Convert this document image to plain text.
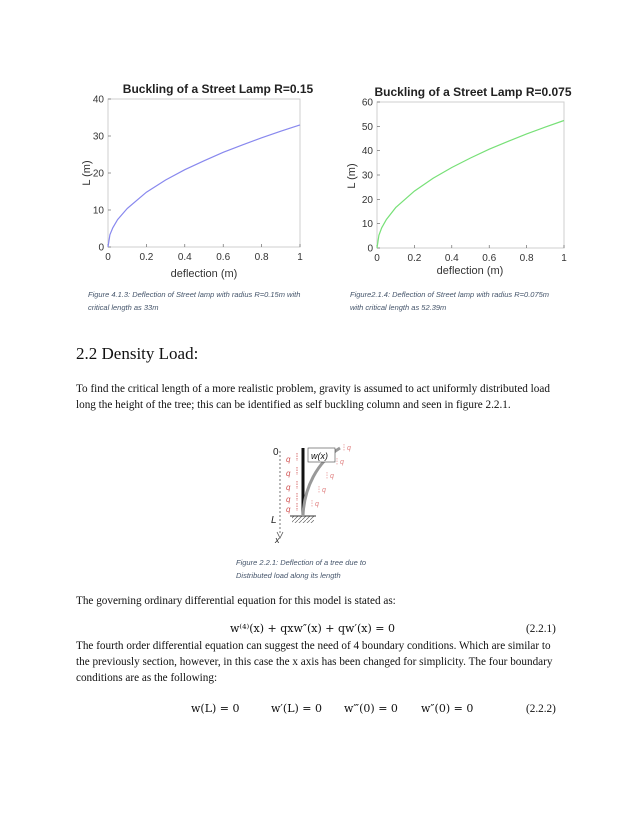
Buckling of a Street Lamp R=0.15
0
10
20
30
40
0	0.2 0.4 0.6 0.8	1
deflection (m)
L (m)
Buckling of a Street Lamp R=0.075
0
10
20
30
40
50
60
0	0.2 0.4 0.6 0.8	1
deflection (m)
L (m)
Figure 4.1.3: Deflection of Street lamp with radius R=0.15m with
critical length as 33m
Figure2.1.4: Deflection of Street lamp with radius R=0.075m
with critical length as 52.39m
2.2 Density Load:
To find the critical length of a more realistic problem, gravity is assumed to act uniformly distributed load
long the height of the tree; this can be identified as self buckling column and seen in figure 2.2.1.
0
L
x
w(x)
q
q
q
q
q
q
q
q
q
q
Figure 2.2.1: Deflection of a tree due to
Distributed load along its length
The governing ordinary differential equation for this model is stated as:
w⁽⁴⁾(x) + qxw″(x) + qw′(x) = 0	(2.2.1)
The fourth order differential equation can suggest the need of 4 boundary conditions. Which are similar to
the previously section, however, in this case the x axis has been changed for simplicity. The four boundary
conditions are as the following:
w(L) = 0	w′(L) = 0 w‴(0) = 0 w″(0) = 0	(2.2.2)
